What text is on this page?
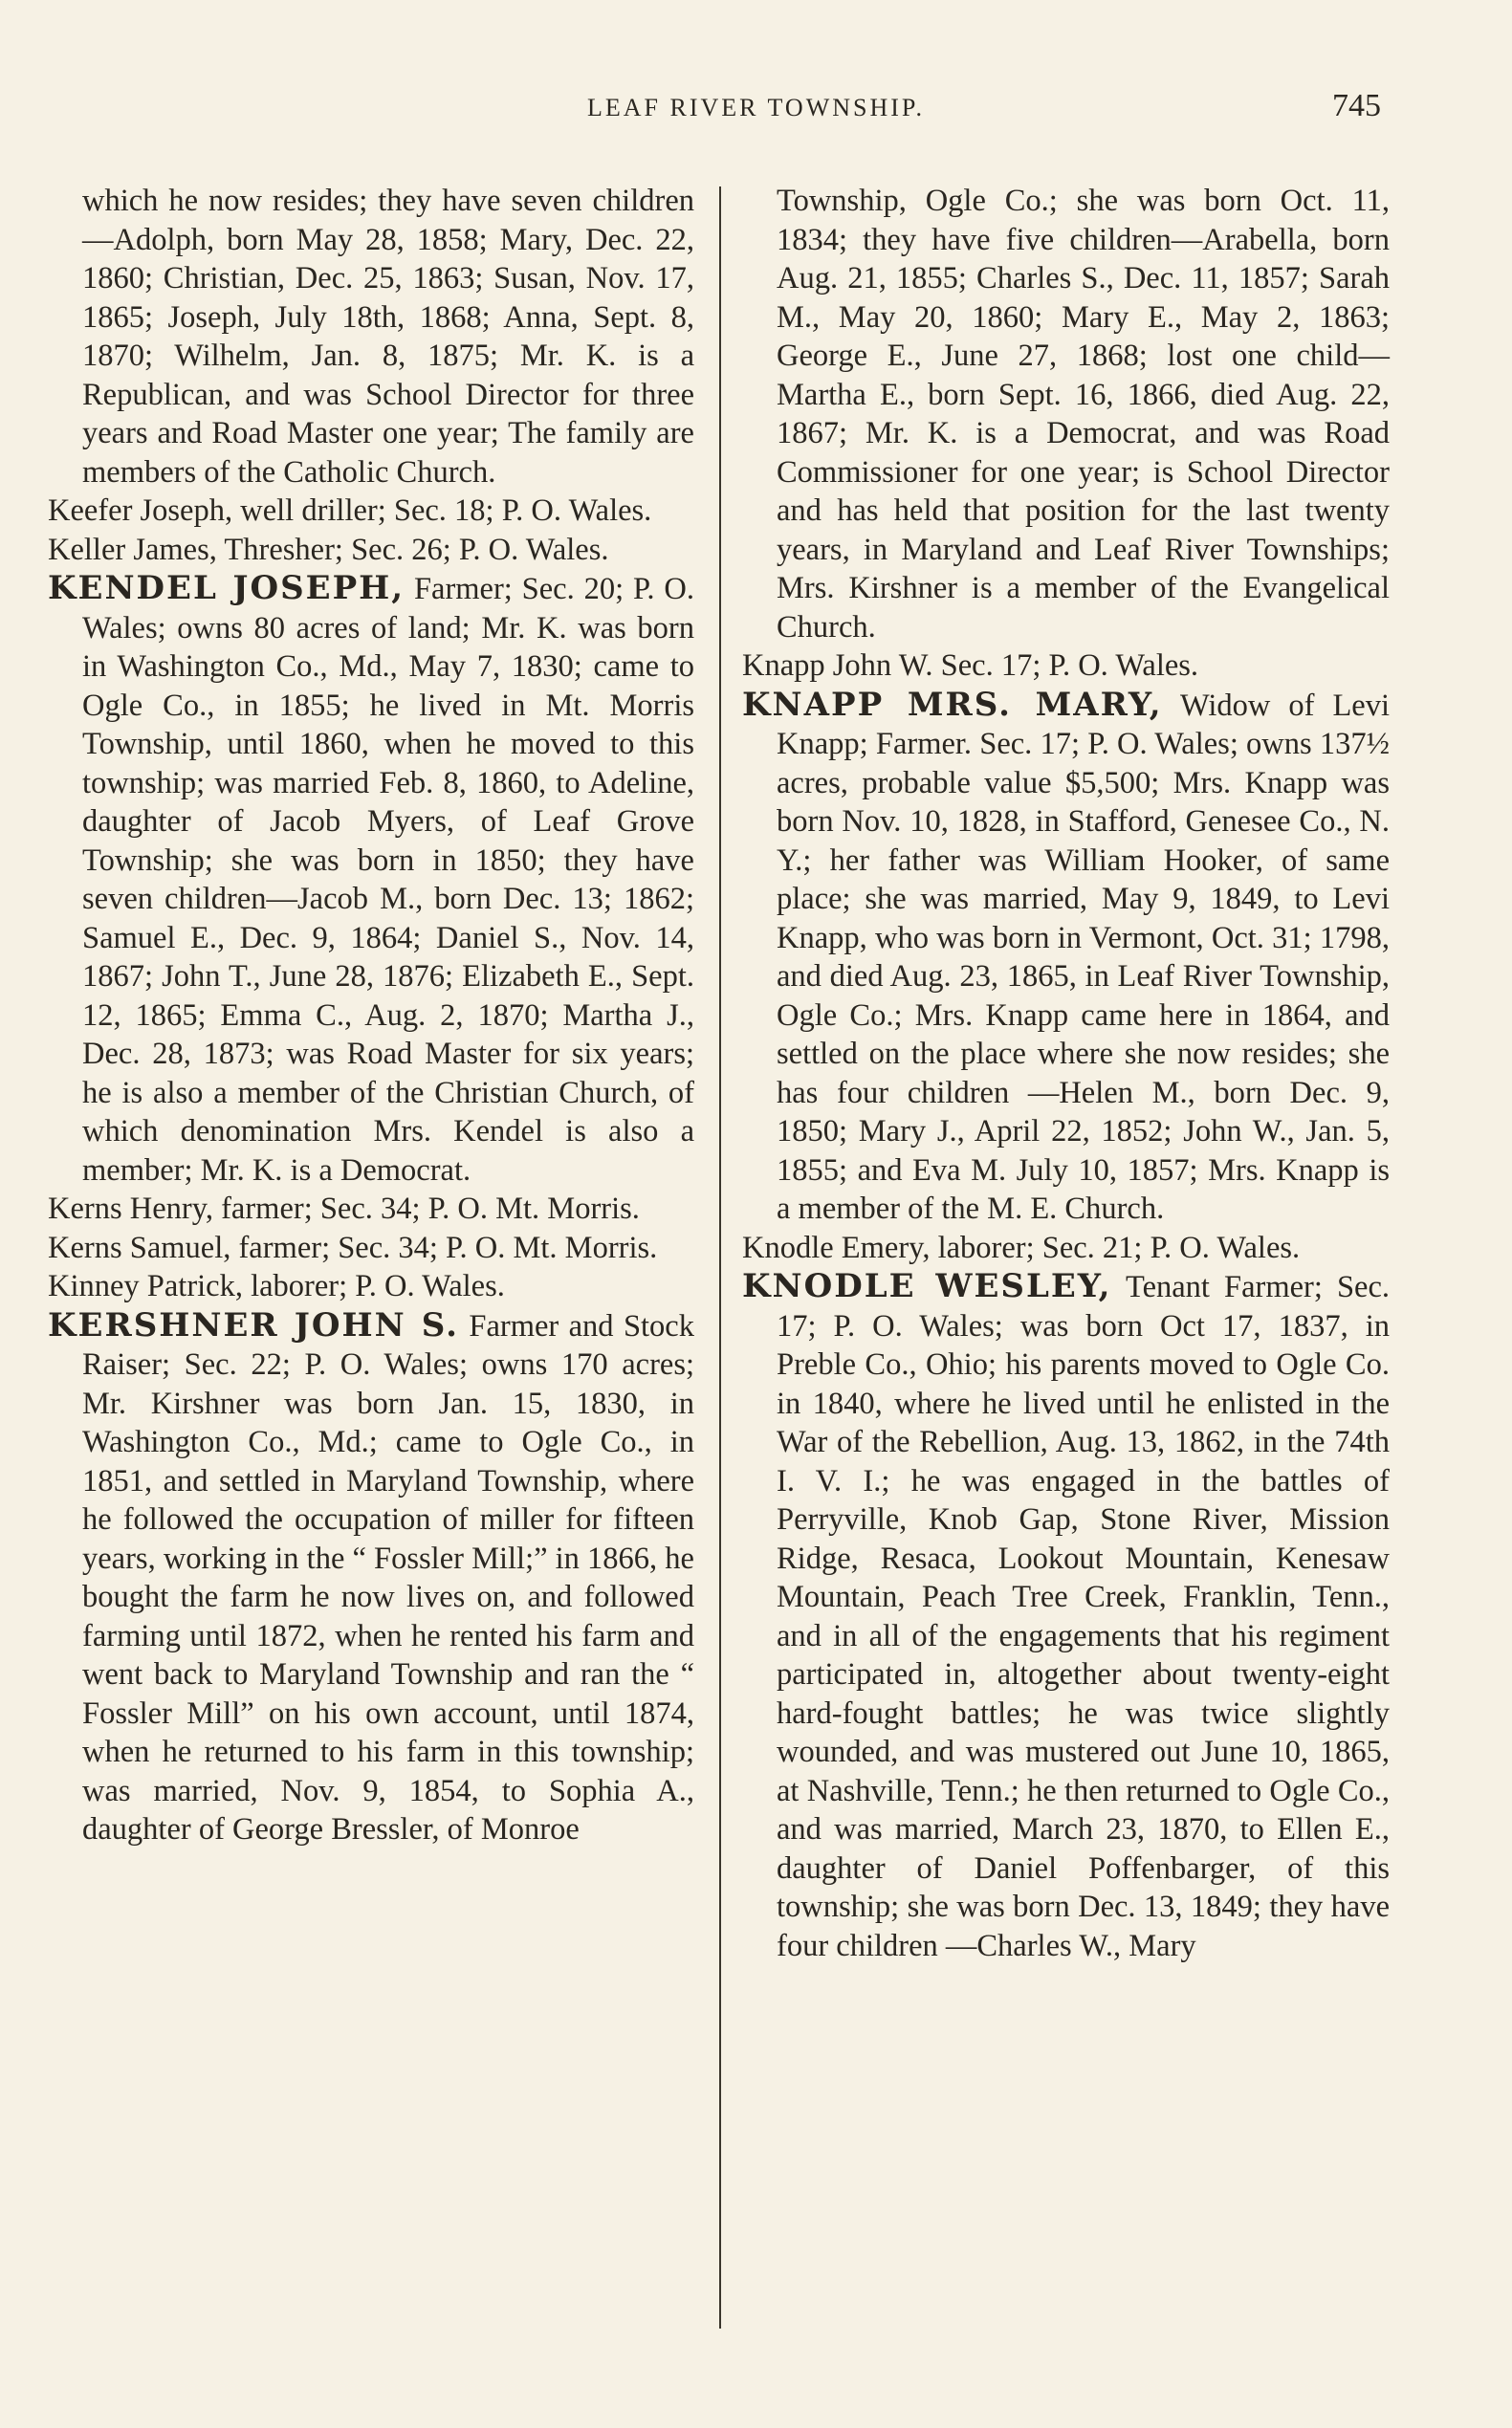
LEAF RIVER TOWNSHIP.	745

which he now resides; they have seven children—Adolph, born May 28, 1858; Mary, Dec. 22, 1860; Christian, Dec. 25, 1863; Susan, Nov. 17, 1865; Joseph, July 18th, 1868; Anna, Sept. 8, 1870; Wilhelm, Jan. 8, 1875; Mr. K. is a Republican, and was School Director for three years and Road Master one year; The family are members of the Catholic Church.

Keefer Joseph, well driller; Sec. 18; P. O. Wales.

Keller James, Thresher; Sec. 26; P. O. Wales.

KENDEL JOSEPH, Farmer; Sec. 20; P. O. Wales; owns 80 acres of land; Mr. K. was born in Washington Co., Md., May 7, 1830; came to Ogle Co., in 1855; he lived in Mt. Morris Township, until 1860, when he moved to this township; was married Feb. 8, 1860, to Adeline, daughter of Jacob Myers, of Leaf Grove Township; she was born in 1850; they have seven children—Jacob M., born Dec. 13; 1862; Samuel E., Dec. 9, 1864; Daniel S., Nov. 14, 1867; John T., June 28, 1876; Elizabeth E., Sept. 12, 1865; Emma C., Aug. 2, 1870; Martha J., Dec. 28, 1873; was Road Master for six years; he is also a member of the Christian Church, of which denomination Mrs. Kendel is also a member; Mr. K. is a Democrat.

Kerns Henry, farmer; Sec. 34; P. O. Mt. Morris.

Kerns Samuel, farmer; Sec. 34; P. O. Mt. Morris.

Kinney Patrick, laborer; P. O. Wales.

KERSHNER JOHN S. Farmer and Stock Raiser; Sec. 22; P. O. Wales; owns 170 acres; Mr. Kirshner was born Jan. 15, 1830, in Washington Co., Md.; came to Ogle Co., in 1851, and settled in Maryland Township, where he followed the occupation of miller for fifteen years, working in the “ Fossler Mill;” in 1866, he bought the farm he now lives on, and followed farming until 1872, when he rented his farm and went back to Maryland Township and ran the “ Fossler Mill” on his own account, until 1874, when he returned to his farm in this township; was married, Nov. 9, 1854, to Sophia A., daughter of George Bressler, of Monroe

Township, Ogle Co.; she was born Oct. 11, 1834; they have five children—Arabella, born Aug. 21, 1855; Charles S., Dec. 11, 1857; Sarah M., May 20, 1860; Mary E., May 2, 1863; George E., June 27, 1868; lost one child—Martha E., born Sept. 16, 1866, died Aug. 22, 1867; Mr. K. is a Democrat, and was Road Commissioner for one year; is School Director and has held that position for the last twenty years, in Maryland and Leaf River Townships; Mrs. Kirshner is a member of the Evangelical Church.

Knapp John W. Sec. 17; P. O. Wales.

KNAPP MRS. MARY, Widow of Levi Knapp; Farmer. Sec. 17; P. O. Wales; owns 137½ acres, probable value $5,500; Mrs. Knapp was born Nov. 10, 1828, in Stafford, Genesee Co., N. Y.; her father was William Hooker, of same place; she was married, May 9, 1849, to Levi Knapp, who was born in Vermont, Oct. 31; 1798, and died Aug. 23, 1865, in Leaf River Township, Ogle Co.; Mrs. Knapp came here in 1864, and settled on the place where she now resides; she has four children —Helen M., born Dec. 9, 1850; Mary J., April 22, 1852; John W., Jan. 5, 1855; and Eva M. July 10, 1857; Mrs. Knapp is a member of the M. E. Church.

Knodle Emery, laborer; Sec. 21; P. O. Wales.

KNODLE WESLEY, Tenant Farmer; Sec. 17; P. O. Wales; was born Oct 17, 1837, in Preble Co., Ohio; his parents moved to Ogle Co. in 1840, where he lived until he enlisted in the War of the Rebellion, Aug. 13, 1862, in the 74th I. V. I.; he was engaged in the battles of Perryville, Knob Gap, Stone River, Mission Ridge, Resaca, Lookout Mountain, Kenesaw Mountain, Peach Tree Creek, Franklin, Tenn., and in all of the engagements that his regiment participated in, altogether about twenty-eight hard-fought battles; he was twice slightly wounded, and was mustered out June 10, 1865, at Nashville, Tenn.; he then returned to Ogle Co., and was married, March 23, 1870, to Ellen E., daughter of Daniel Poffenbarger, of this township; she was born Dec. 13, 1849; they have four children —Charles W., Mary
